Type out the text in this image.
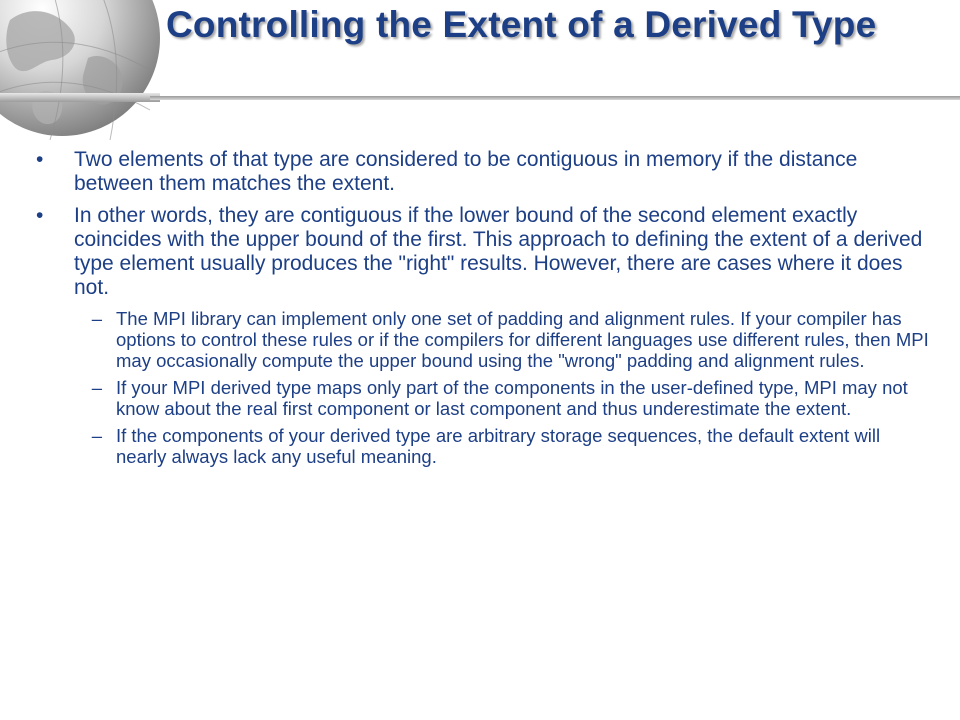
Controlling the Extent of a Derived Type
•	Two elements of that type are considered to be contiguous in memory if the distance between them matches the extent.
•	In other words, they are contiguous if the lower bound of the second element exactly coincides with the upper bound of the first. This approach to defining the extent of a derived type element usually produces the "right" results. However, there are cases where it does not.
– The MPI library can implement only one set of padding and alignment rules. If your compiler has options to control these rules or if the compilers for different languages use different rules, then MPI may occasionally compute the upper bound using the "wrong" padding and alignment rules.
– If your MPI derived type maps only part of the components in the user-defined type, MPI may not know about the real first component or last component and thus underestimate the extent.
– If the components of your derived type are arbitrary storage sequences, the default extent will nearly always lack any useful meaning.
